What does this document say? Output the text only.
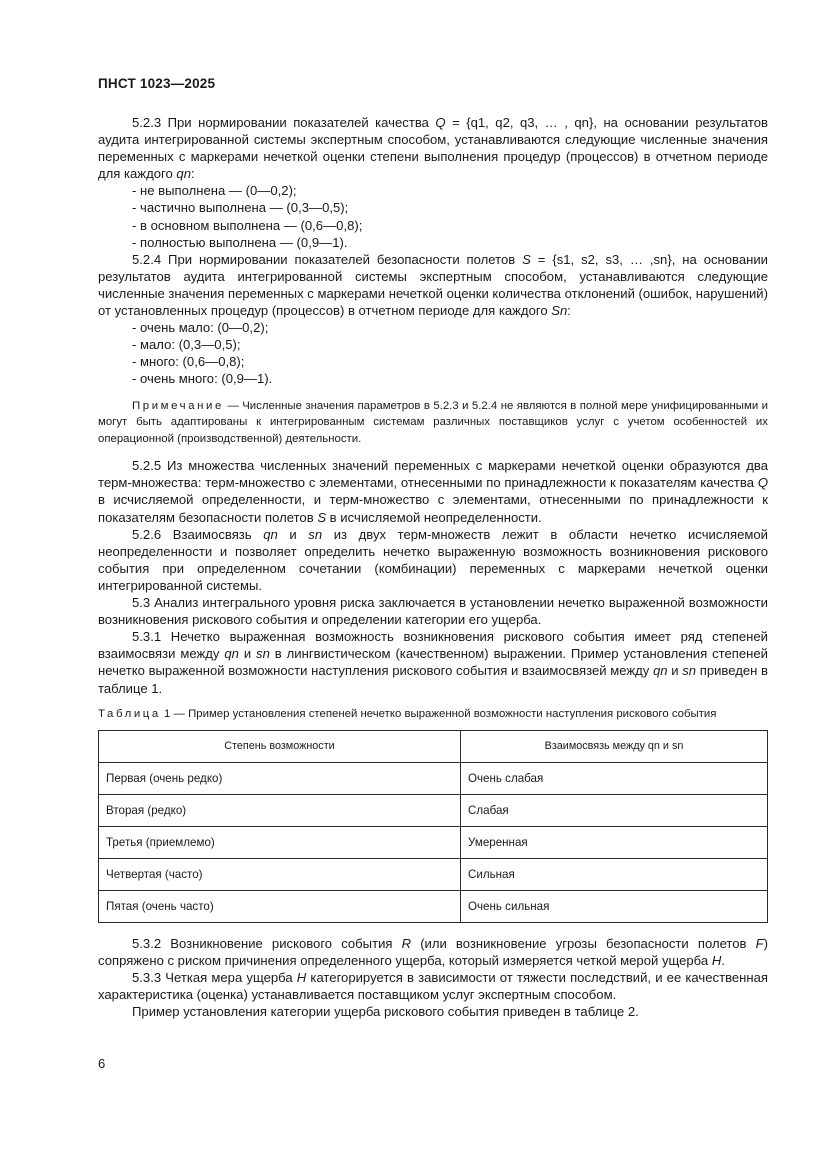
ПНСТ 1023—2025

5.2.3 При нормировании показателей качества Q = {q1, q2, q3, … , qn}, на основании результатов аудита интегрированной системы экспертным способом, устанавливаются следующие численные значения переменных с маркерами нечеткой оценки степени выполнения процедур (процессов) в отчетном периоде для каждого qn:

- не выполнена — (0—0,2);
- частично выполнена — (0,3—0,5);
- в основном выполнена — (0,6—0,8);
- полностью выполнена — (0,9—1).

5.2.4 При нормировании показателей безопасности полетов S = {s1, s2, s3, … ,sn}, на основании результатов аудита интегрированной системы экспертным способом, устанавливаются следующие численные значения переменных с маркерами нечеткой оценки количества отклонений (ошибок, нарушений) от установленных процедур (процессов) в отчетном периоде для каждого Sn:

- очень мало: (0—0,2);
- мало: (0,3—0,5);
- много: (0,6—0,8);
- очень много: (0,9—1).

Примечание — Численные значения параметров в 5.2.3 и 5.2.4 не являются в полной мере унифицированными и могут быть адаптированы к интегрированным системам различных поставщиков услуг с учетом особенностей их операционной (производственной) деятельности.

5.2.5 Из множества численных значений переменных с маркерами нечеткой оценки образуются два терм-множества: терм-множество с элементами, отнесенными по принадлежности к показателям качества Q в исчисляемой определенности, и терм-множество с элементами, отнесенными по принадлежности к показателям безопасности полетов S в исчисляемой неопределенности.

5.2.6 Взаимосвязь qn и sn из двух терм-множеств лежит в области нечетко исчисляемой неопределенности и позволяет определить нечетко выраженную возможность возникновения рискового события при определенном сочетании (комбинации) переменных с маркерами нечеткой оценки интегрированной системы.

5.3 Анализ интегрального уровня риска заключается в установлении нечетко выраженной возможности возникновения рискового события и определении категории его ущерба.

5.3.1 Нечетко выраженная возможность возникновения рискового события имеет ряд степеней взаимосвязи между qn и sn в лингвистическом (качественном) выражении. Пример установления степеней нечетко выраженной возможности наступления рискового события и взаимосвязей между qn и sn приведен в таблице 1.

Таблица 1 — Пример установления степеней нечетко выраженной возможности наступления рискового события

Степень возможности	Взаимосвязь между qn и sn
Первая (очень редко)	Очень слабая
Вторая (редко)	Слабая
Третья (приемлемо)	Умеренная
Четвертая (часто)	Сильная
Пятая (очень часто)	Очень сильная

5.3.2 Возникновение рискового события R (или возникновение угрозы безопасности полетов F) сопряжено с риском причинения определенного ущерба, который измеряется четкой мерой ущерба H.

5.3.3 Четкая мера ущерба H категорируется в зависимости от тяжести последствий, и ее качественная характеристика (оценка) устанавливается поставщиком услуг экспертным способом.

Пример установления категории ущерба рискового события приведен в таблице 2.

6
